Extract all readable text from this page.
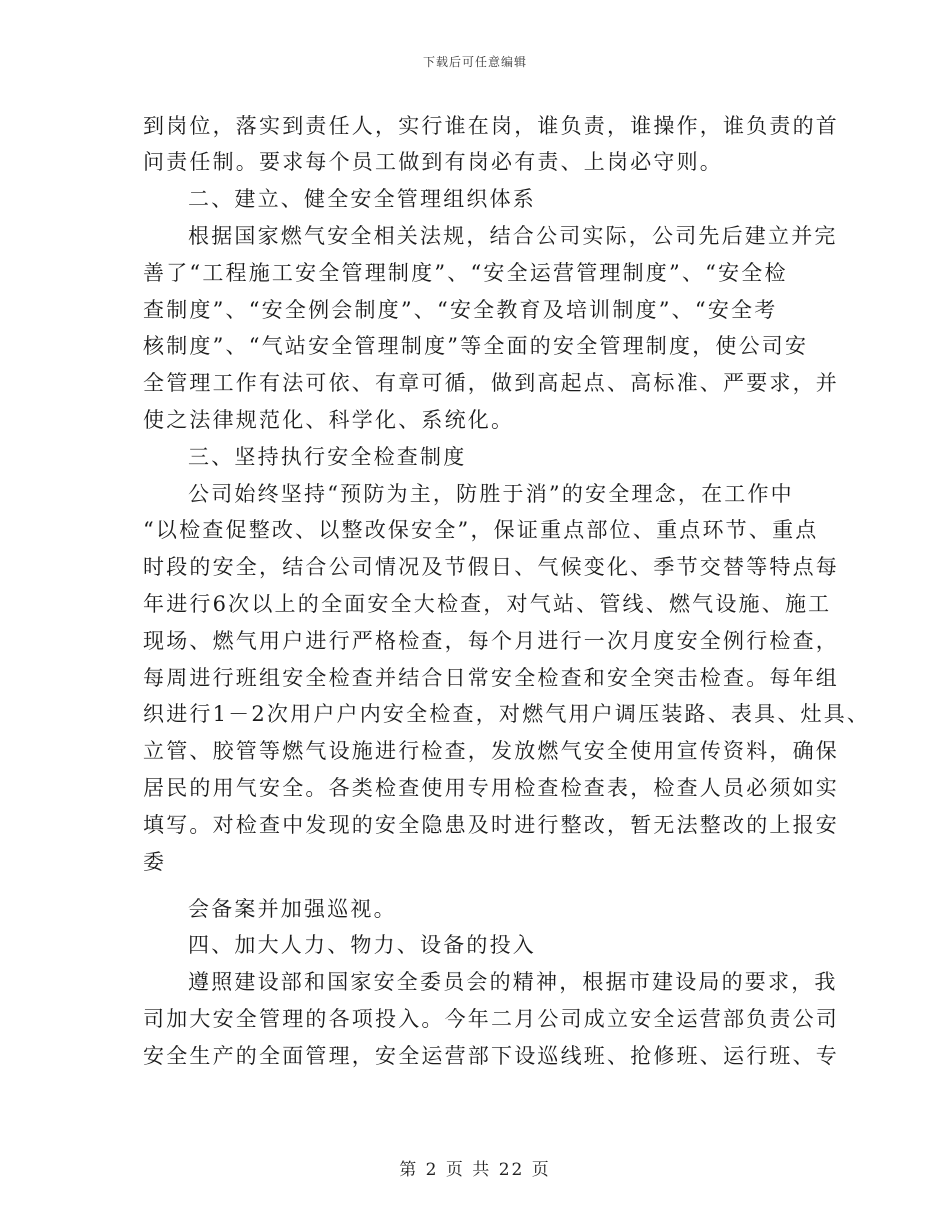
下载后可任意编辑
到岗位，落实到责任人，实行谁在岗，谁负责，谁操作，谁负责的首
问责任制。要求每个员工做到有岗必有责、上岗必守则。
二、建立、健全安全管理组织体系
根据国家燃气安全相关法规，结合公司实际，公司先后建立并完
善了“工程施工安全管理制度”、“安全运营管理制度”、“安全检
查制度”、“安全例会制度”、“安全教育及培训制度”、“安全考
核制度”、“气站安全管理制度”等全面的安全管理制度，使公司安
全管理工作有法可依、有章可循，做到高起点、高标准、严要求，并
使之法律规范化、科学化、系统化。
三、坚持执行安全检查制度
公司始终坚持“预防为主，防胜于消”的安全理念，在工作中
“以检查促整改、以整改保安全”，保证重点部位、重点环节、重点
时段的安全，结合公司情况及节假日、气候变化、季节交替等特点每
年进行6次以上的全面安全大检查，对气站、管线、燃气设施、施工
现场、燃气用户进行严格检查，每个月进行一次月度安全例行检查，
每周进行班组安全检查并结合日常安全检查和安全突击检查。每年组
织进行1－2次用户户内安全检查，对燃气用户调压装路、表具、灶具、
立管、胶管等燃气设施进行检查，发放燃气安全使用宣传资料，确保
居民的用气安全。各类检查使用专用检查检查表，检查人员必须如实
填写。对检查中发现的安全隐患及时进行整改，暂无法整改的上报安
委
会备案并加强巡视。
四、加大人力、物力、设备的投入
遵照建设部和国家安全委员会的精神，根据市建设局的要求，我
司加大安全管理的各项投入。今年二月公司成立安全运营部负责公司
安全生产的全面管理，安全运营部下设巡线班、抢修班、运行班、专
第 2 页 共 22 页
